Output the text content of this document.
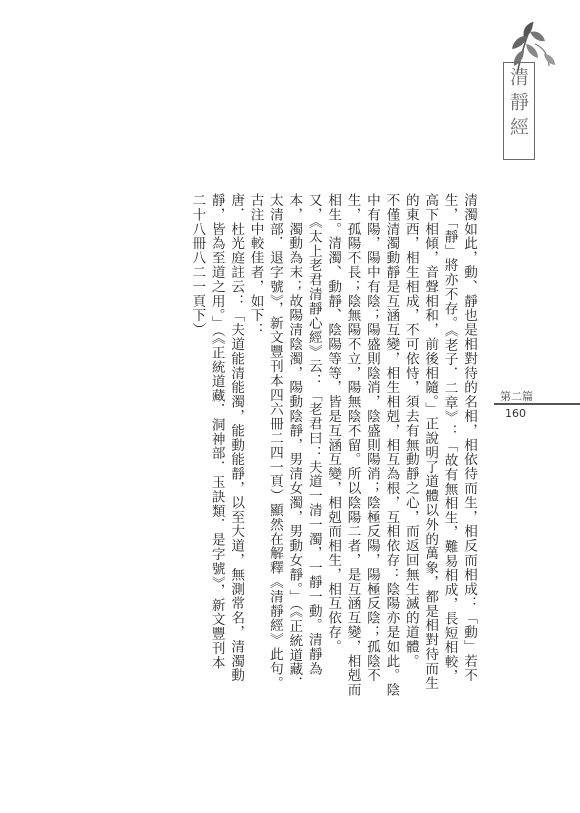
清靜經
第二篇
160

清濁如此，動、靜也是相對待的名相，相依待而生，相反而相成：「動」若不
生，「靜」將亦不存。《老子．二章》：「故有無相生，難易相成，長短相較，
高下相傾，音聲相和，前後相隨。」正說明了道體以外的萬象，都是相對待而生
的東西，相生相成，不可依恃，須去有無動靜之心，而返回無生滅的道體。
不僅清濁動靜是互涵互變，相生相剋，相互為根，互相依存：陰陽亦是如此。陰
中有陽，陽中有陰；陽盛則陰消，陰盛則陽消；陰極反陽，陽極反陰；孤陰不
生，孤陽不長；陰無陽不立，陽無陰不留。所以陰陽二者，是互涵互變，相剋而
相生。清濁、動靜、陰陽等等，皆是互涵互變，相剋而相生，相互依存。

又，《太上老君清靜心經》云：「老君曰：夫道一清一濁，一靜一動。清靜為
本，濁動為末；故陽清陰濁，陽動陰靜，男清女濁，男動女靜。」（《正統道藏．
太清部．退字號》，新文豐刊本四六冊二四一頁）顯然在解釋《清靜經》此句。

古注中較佳者，如下：

唐．杜光庭註云：「夫道能清能濁，能動能靜，以至大道，無測常名，清濁動
靜，皆為至道之用。」（《正統道藏．洞神部．玉訣類．是字號》，新文豐刊本
二十八冊八二一頁下）
